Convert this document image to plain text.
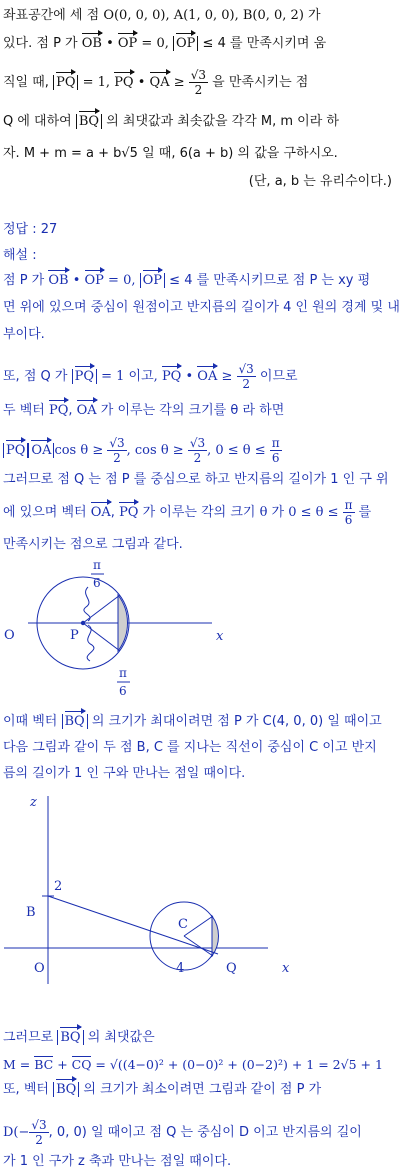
좌표공간에 세 점 O(0, 0, 0), A(1, 0, 0), B(0, 0, 2) 가
있다. 점 P 가 OB • OP = 0, OP ≤ 4 를 만족시키며 움
직일 때, PQ = 1, PQ • QA ≥ $\frac{√3}{2}$ 을 만족시키는 점
Q 에 대하여 BQ 의 최댓값과 최솟값을 각각 M, m 이라 하
자. M + m = a + b√5 일 때, 6(a + b) 의 값을 구하시오.
(단, a, b 는 유리수이다.)
정답 : 27
해설 :
점 P 가 OB • OP = 0, OP ≤ 4 를 만족시키므로 점 P 는 xy 평
면 위에 있으며 중심이 원점이고 반지름의 길이가 4 인 원의 경계 및 내
부이다.
또, 점 Q 가 PQ = 1 이고, PQ • OA ≥ $\frac{√3}{2}$ 이므로
두 벡터 PQ, OA 가 이루는 각의 크기를 θ 라 하면
PQ OA $\cos \theta \ge \frac{√3}{2}$ , $\cos \theta \ge \frac{√3}{2}$ , $0 \le \theta \le \frac{\pi}{6}$
그러므로 점 Q 는 점 P 를 중심으로 하고 반지름의 길이가 1 인 구 위
에 있으며 벡터 OA, PQ 가 이루는 각의 크기 θ 가 $0 \le \theta \le \frac{\pi}{6}$ 를
만족시키는 점으로 그림과 같다.
π
6
O	P	x
π
6
이때 벡터 BQ 의 크기가 최대이려면 점 P 가 C(4, 0, 0) 일 때이고
다음 그림과 같이 두 점 B, C 를 지나는 직선이 중심이 C 이고 반지
름의 길이가 1 인 구와 만나는 점일 때이다.
z
B
2
C
O	4	Q	x
그러므로 BQ 의 최댓값은
M = BC + CQ = √((4−0)² + (0−0)² + (0−2)²) + 1 = 2√5 + 1
또, 벡터 BQ 의 크기가 최소이려면 그림과 같이 점 P 가
$D(- \frac{√3}{2}$ , 0, 0) 일 때이고 점 Q 는 중심이 D 이고 반지름의 길이
가 1 인 구가 z 축과 만나는 점일 때이다.
